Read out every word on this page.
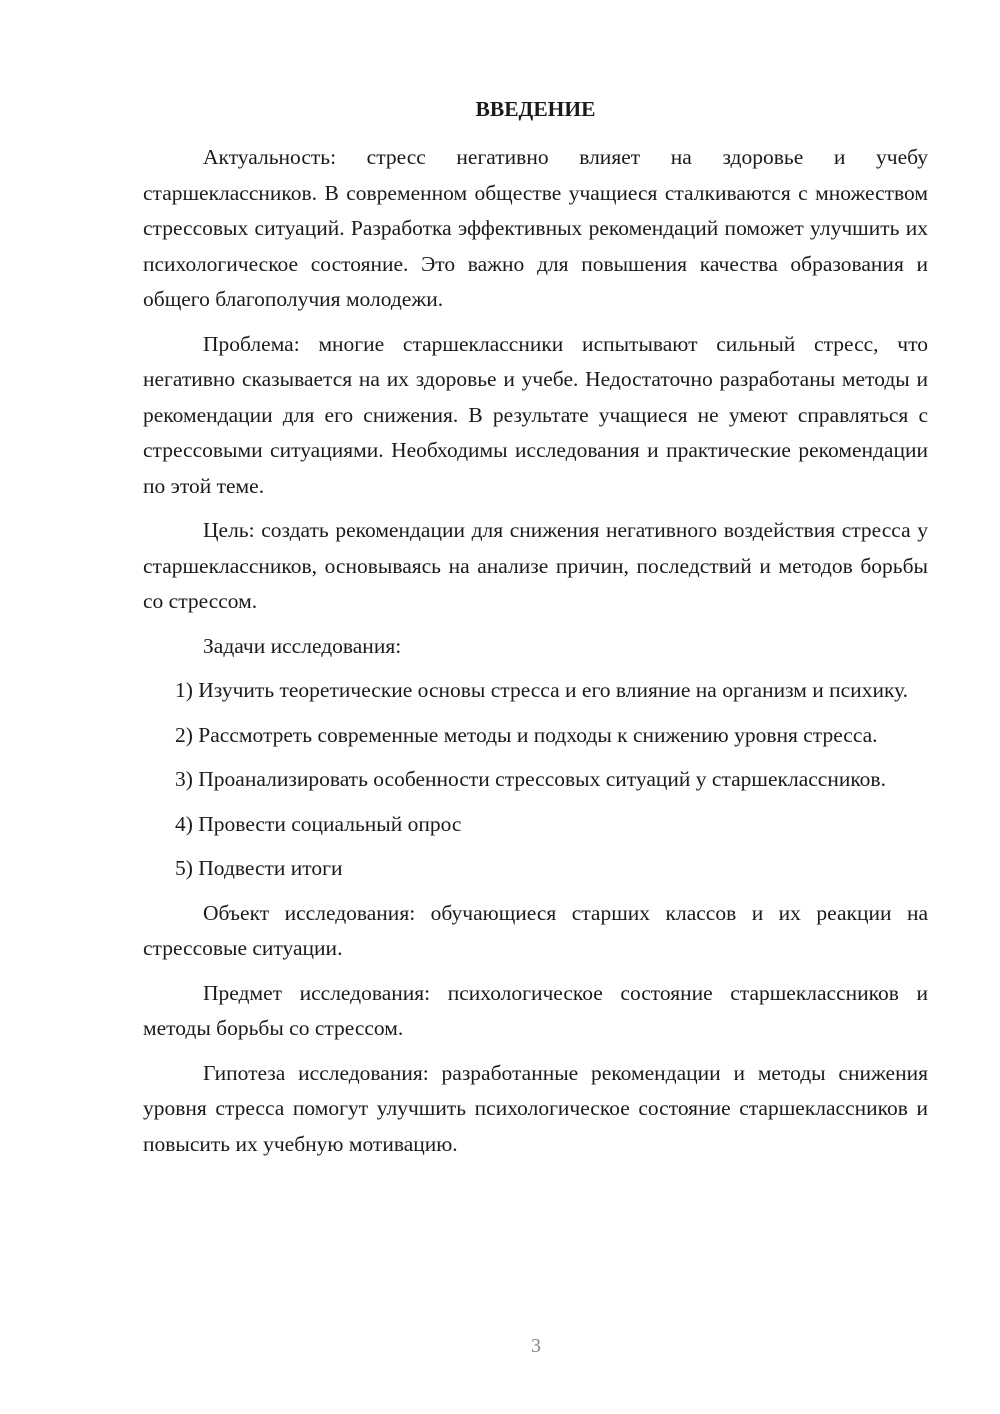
ВВЕДЕНИЕ

Актуальность: стресс негативно влияет на здоровье и учебу старшеклассников. В современном обществе учащиеся сталкиваются с множеством стрессовых ситуаций. Разработка эффективных рекомендаций поможет улучшить их психологическое состояние. Это важно для повышения качества образования и общего благополучия молодежи.

Проблема: многие старшеклассники испытывают сильный стресс, что негативно сказывается на их здоровье и учебе. Недостаточно разработаны методы и рекомендации для его снижения. В результате учащиеся не умеют справляться с стрессовыми ситуациями. Необходимы исследования и практические рекомендации по этой теме.

Цель: создать рекомендации для снижения негативного воздействия стресса у старшеклассников, основываясь на анализе причин, последствий и методов борьбы со стрессом.

Задачи исследования:

1) Изучить теоретические основы стресса и его влияние на организм и психику.

2) Рассмотреть современные методы и подходы к снижению уровня стресса.

3) Проанализировать особенности стрессовых ситуаций у старшеклассников.

4) Провести социальный опрос

5) Подвести итоги

Объект исследования: обучающиеся старших классов и их реакции на стрессовые ситуации.

Предмет исследования: психологическое состояние старшеклассников и методы борьбы со стрессом.

Гипотеза исследования: разработанные рекомендации и методы снижения уровня стресса помогут улучшить психологическое состояние старшеклассников и повысить их учебную мотивацию.

3
